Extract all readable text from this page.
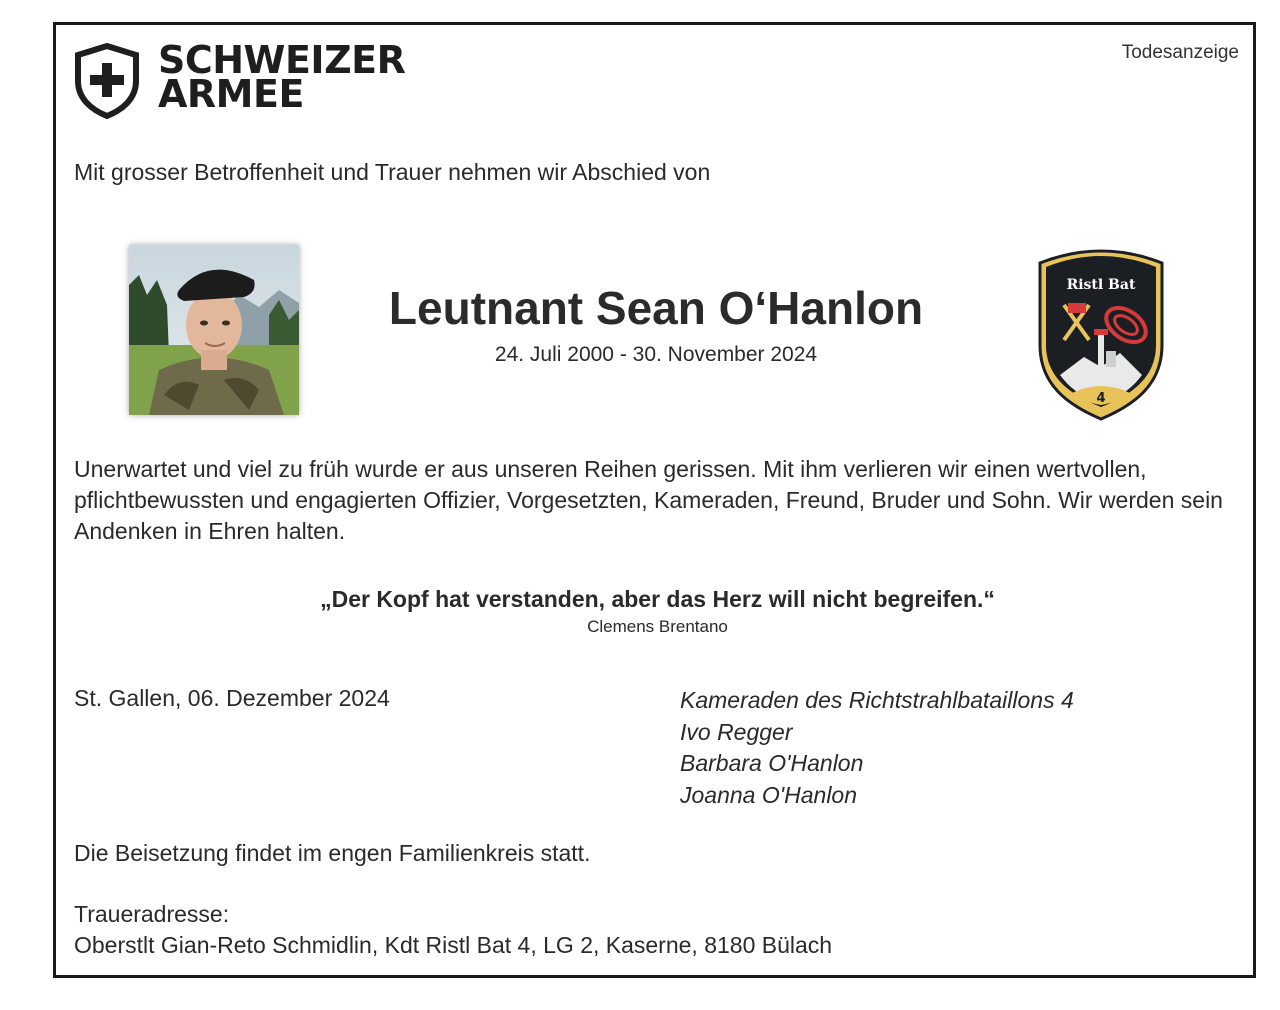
SCHWEIZER
ARMEE
Todesanzeige
Mit grosser Betroffenheit und Trauer nehmen wir Abschied von
Leutnant Sean O‘Hanlon
24. Juli 2000 - 30. November 2024
4
Ristl Bat
Unerwartet und viel zu früh wurde er aus unseren Reihen gerissen. Mit ihm verlieren wir einen wertvollen, pflichtbewussten und engagierten Offizier, Vorgesetzten, Kameraden, Freund, Bruder und Sohn. Wir werden sein Andenken in Ehren halten.
„Der Kopf hat verstanden, aber das Herz will nicht begreifen.“
Clemens Brentano
St. Gallen, 06. Dezember 2024	Kameraden des Richtstrahlbataillons 4
Ivo Regger
Barbara O'Hanlon
Joanna O'Hanlon
Die Beisetzung findet im engen Familienkreis statt.
Traueradresse:
Oberstlt Gian-Reto Schmidlin, Kdt Ristl Bat 4, LG 2, Kaserne, 8180 Bülach
